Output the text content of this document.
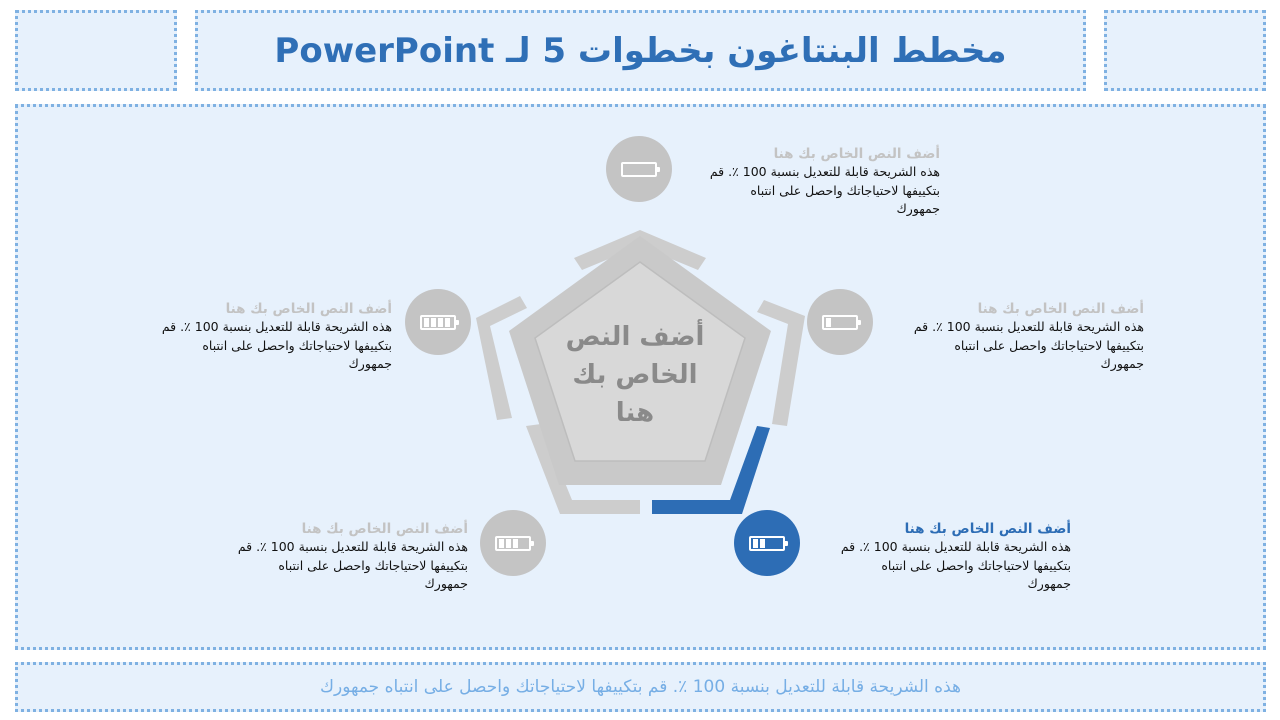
مخطط البنتاغون بخطوات 5 لـ PowerPoint
أضف النص
الخاص بك هنا
أضف النص الخاص بك هنا
هذه الشريحة قابلة للتعديل بنسبة 100 ٪. قم
بتكييفها لاحتياجاتك واحصل على انتباه
جمهورك
أضف النص الخاص بك هنا
هذه الشريحة قابلة للتعديل بنسبة 100 ٪. قم
بتكييفها لاحتياجاتك واحصل على انتباه
جمهورك
أضف النص الخاص بك هنا
هذه الشريحة قابلة للتعديل بنسبة 100 ٪. قم
بتكييفها لاحتياجاتك واحصل على انتباه
جمهورك
أضف النص الخاص بك هنا
هذه الشريحة قابلة للتعديل بنسبة 100 ٪. قم
بتكييفها لاحتياجاتك واحصل على انتباه
جمهورك
أضف النص الخاص بك هنا
هذه الشريحة قابلة للتعديل بنسبة 100 ٪. قم
بتكييفها لاحتياجاتك واحصل على انتباه
جمهورك
هذه الشريحة قابلة للتعديل بنسبة 100 ٪. قم بتكييفها لاحتياجاتك واحصل على انتباه جمهورك
